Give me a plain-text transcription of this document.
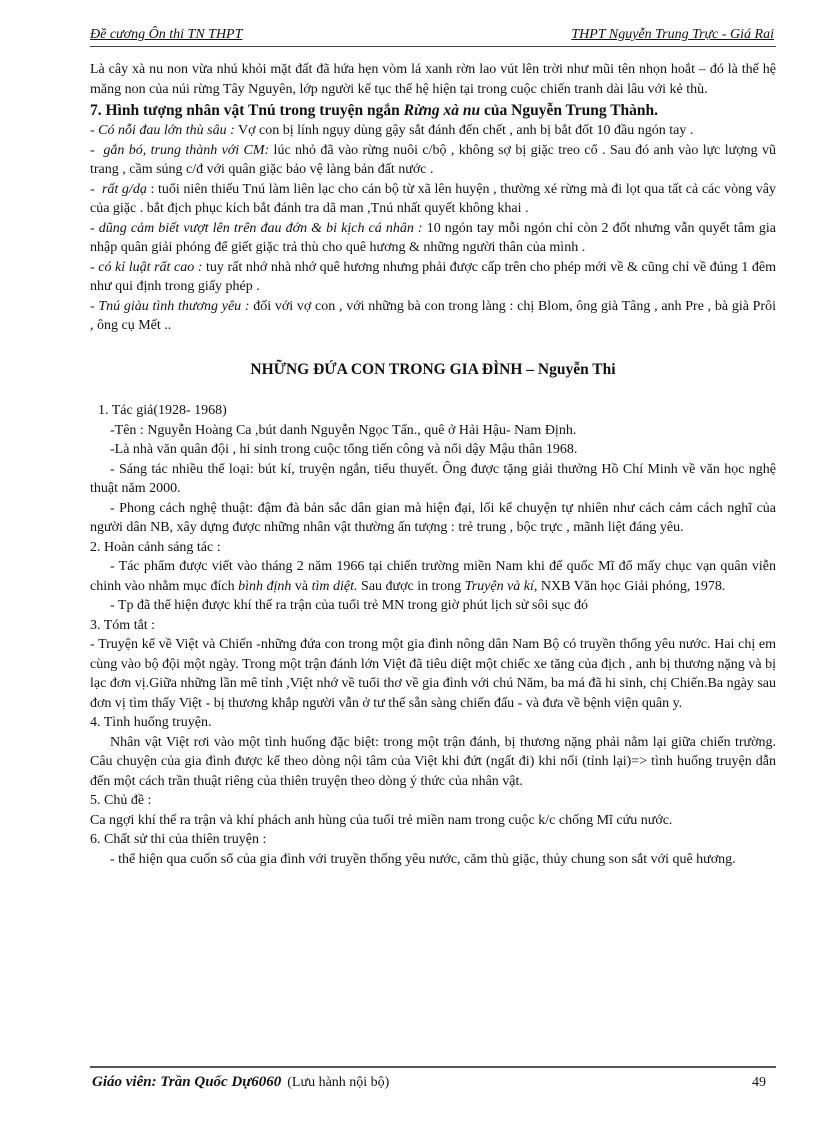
Đề cương Ôn thi TN THPT	THPT Nguyễn Trung Trực - Giá Rai

Là cây xà nu non vừa nhú khỏi mặt đất đã hứa hẹn vòm lá xanh rờn lao vút lên trời như mũi tên nhọn hoắt – đó là thế hệ măng non của núi rừng Tây Nguyên, lớp người kế tục thế hệ hiện tại trong cuộc chiến tranh dài lâu với kẻ thù.

7. Hình tượng nhân vật Tnú trong truyện ngắn Rừng xà nu của Nguyễn Trung Thành.

- Có nỗi đau lớn thù sâu : Vợ con bị lính ngụy dùng gậy sắt đánh đến chết , anh bị bắt đốt 10 đầu ngón tay .

-  gắn bó, trung thành với CM: lúc nhỏ đã vào rừng nuôi c/bộ , không sợ bị giặc treo cổ . Sau đó anh vào lực lượng vũ trang , cầm súng c/đ với quân giặc bảo vệ làng bản đất nước .

-  rất g/dạ : tuổi niên thiếu Tnú làm liên lạc cho cán bộ từ xã lên huyện , thường xé rừng mà đi lọt qua tất cả các vòng vây của giặc . bắt địch phục kích bắt đánh tra dã man ,Tnú nhất quyết không khai .

- dũng cảm biết vượt lên trên đau đớn & bi kịch cá nhân : 10 ngón tay mỗi ngón chỉ còn 2 đốt nhưng vẫn quyết tâm gia nhập quân giải phóng để giết giặc trả thù cho quê hương & những người thân của mình .

- có kỉ luật rất cao : tuy rất nhớ nhà nhớ quê hương nhưng phải được cấp trên cho phép mới về & cũng chỉ về đúng 1 đêm như qui định trong giấy phép .

- Tnú giàu tình thương yêu : đối với vợ con , với những bà con trong làng : chị Blom, ông già Tâng , anh Pre , bà già Prôi , ông cụ Mết ..

NHỮNG ĐỨA CON TRONG GIA ĐÌNH – Nguyễn Thi

1. Tác giả(1928- 1968)

-Tên : Nguyễn Hoàng Ca ,bút danh Nguyễn Ngọc Tấn., quê ở Hải Hậu- Nam Định.

-Là nhà văn quân đội , hi sinh trong cuộc tổng tiến công và nổi dậy Mậu thân 1968.

- Sáng tác nhiều thể loại: bút kí, truyện ngắn, tiểu thuyết. Ông được tặng giải thưởng Hồ Chí Minh về văn học nghệ thuật năm 2000.

- Phong cách nghệ thuật: đậm đà bản sắc dân gian mà hiện đại, lối kể chuyện tự nhiên như cách cảm cách nghĩ của người dân NB, xây dựng được những nhân vật thường ấn tượng : trẻ trung , bộc trực , mãnh liệt đáng yêu.

2. Hoàn cảnh sáng tác :

- Tác phẩm được viết vào tháng 2 năm 1966 tại chiến trường miền Nam khi đế quốc Mĩ đổ mấy chục vạn quân viễn chinh vào nhằm mục đích bình định và tìm diệt. Sau được in trong Truyện và kí, NXB Văn học Giải phóng, 1978.

- Tp đã thể hiện được khí thế ra trận của tuổi trẻ MN trong giờ phút lịch sử sôi sục đó

3. Tóm tắt :

- Truyện kể về Việt và Chiến -những đứa con trong một gia đình nông dân Nam Bộ có truyền thống yêu nước. Hai chị em cùng vào bộ đội một ngày. Trong một trận đánh lớn Việt đã tiêu diệt một chiếc xe tăng của địch , anh bị thương nặng và bị lạc đơn vị.Giữa những lần mê tỉnh ,Việt nhớ về tuổi thơ về gia đình với chú Năm, ba má đã hi sinh, chị Chiến.Ba ngày sau đơn vị tìm thấy Việt - bị thương khắp người vẫn ở tư thế sẵn sàng chiến đấu - và đưa về bệnh viện quân y.

4. Tình huống truyện.

Nhân vật Việt rơi vào một tình huống đặc biệt: trong một trận đánh, bị thương nặng phải nằm lại giữa chiến trường. Câu chuyện của gia đình được kể theo dòng nội tâm của Việt khi đứt (ngất đi) khi nối (tỉnh lại)=> tình huống truyện dẫn đến một cách trần thuật riêng của thiên truyện theo dòng ý thức của nhân vật.

5. Chủ đề :

Ca ngợi khí thế ra trận và khí phách anh hùng của tuổi trẻ miền nam trong cuộc k/c chống Mĩ cứu nước.

6. Chất sử thi của thiên truyện :

- thể hiện qua cuốn sổ của gia đình với truyền thống yêu nước, căm thù giặc, thủy chung son sắt với quê hương.

Giáo viên: Trần Quốc Dự6060 (Lưu hành nội bộ)	49
